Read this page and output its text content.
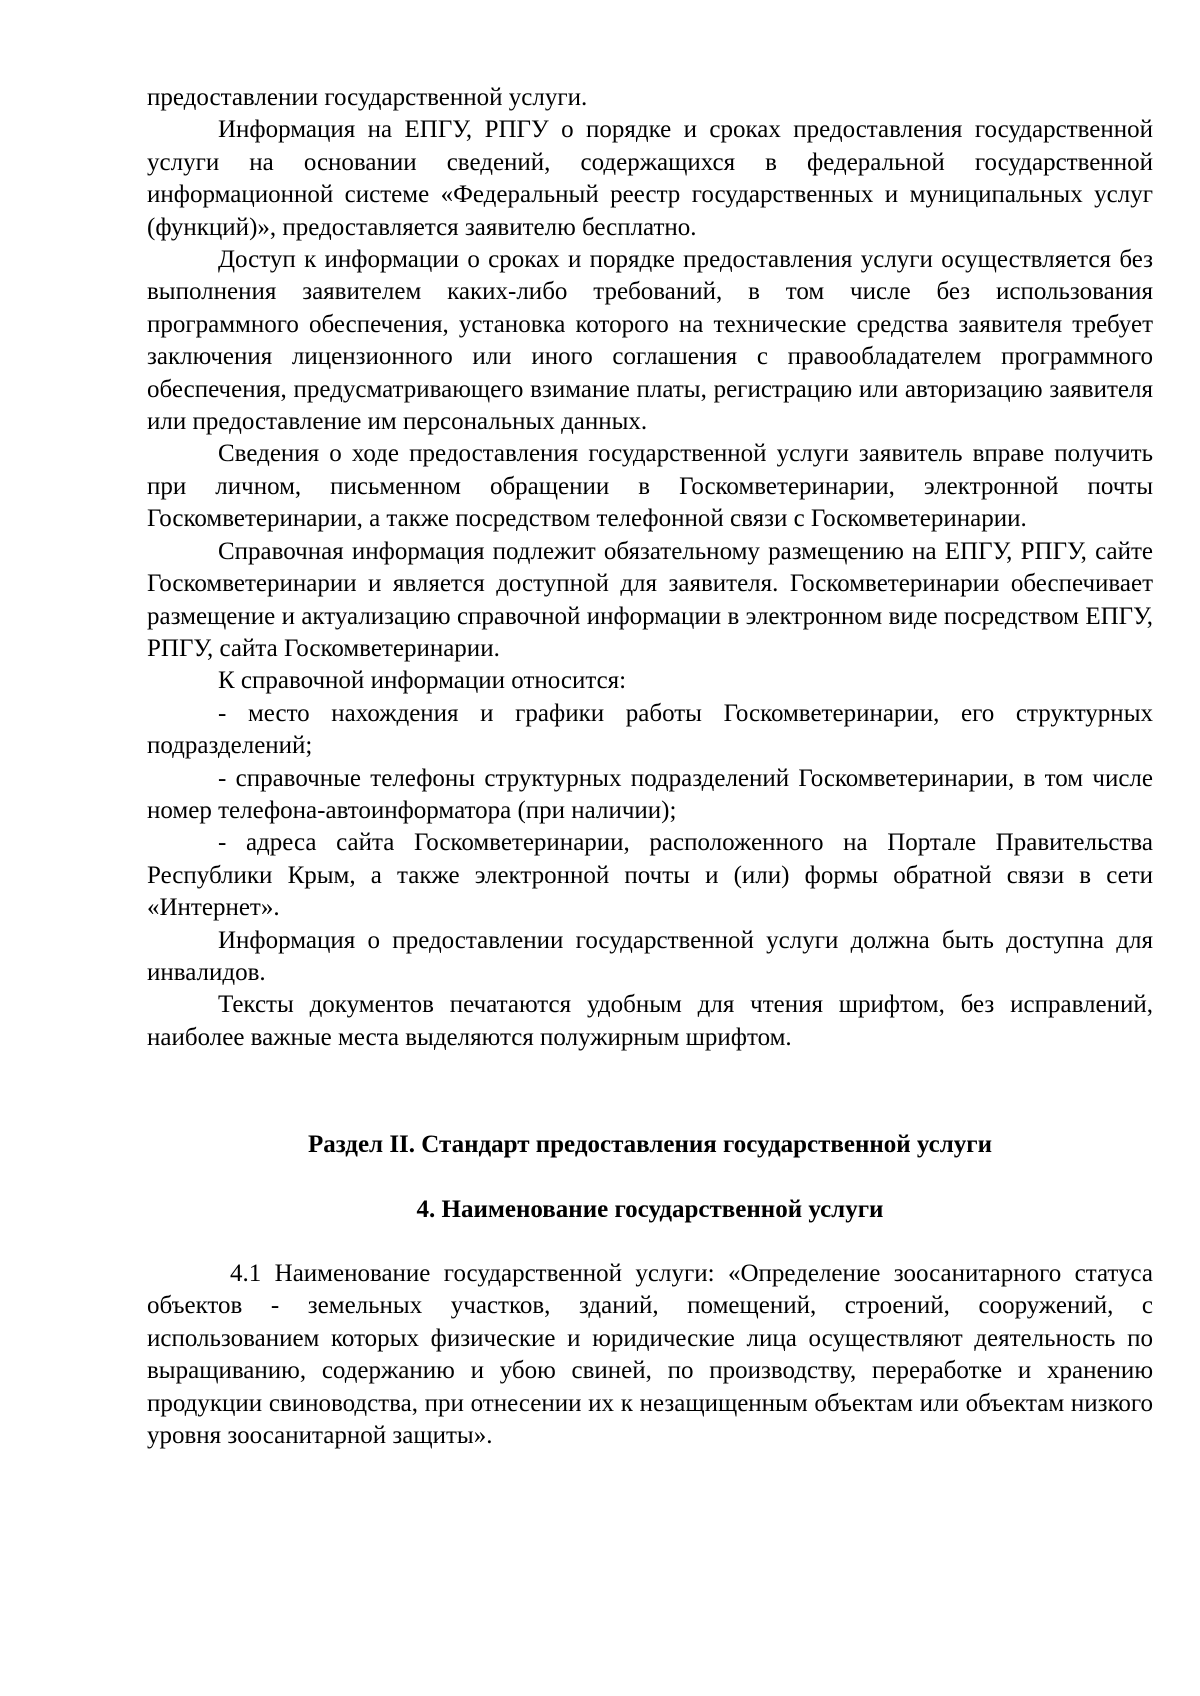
предоставлении государственной услуги.

Информация на ЕПГУ, РПГУ о порядке и сроках предоставления государственной услуги на основании сведений, содержащихся в федеральной государственной информационной системе «Федеральный реестр государственных и муниципальных услуг (функций)», предоставляется заявителю бесплатно.

Доступ к информации о сроках и порядке предоставления услуги осуществляется без выполнения заявителем каких-либо требований, в том числе без использования программного обеспечения, установка которого на технические средства заявителя требует заключения лицензионного или иного соглашения с правообладателем программного обеспечения, предусматривающего взимание платы, регистрацию или авторизацию заявителя или предоставление им персональных данных.

Сведения о ходе предоставления государственной услуги заявитель вправе получить при личном, письменном обращении в Госкомветеринарии, электронной почты Госкомветеринарии, а также посредством телефонной связи с Госкомветеринарии.

Справочная информация подлежит обязательному размещению на ЕПГУ, РПГУ, сайте Госкомветеринарии и является доступной для заявителя. Госкомветеринарии обеспечивает размещение и актуализацию справочной информации в электронном виде посредством ЕПГУ, РПГУ, сайта Госкомветеринарии.

К справочной информации относится:

- место нахождения и графики работы Госкомветеринарии, его структурных подразделений;

- справочные телефоны структурных подразделений Госкомветеринарии, в том числе номер телефона-автоинформатора (при наличии);

- адреса сайта Госкомветеринарии, расположенного на Портале Правительства Республики Крым, а также электронной почты и (или) формы обратной связи в сети «Интернет».

Информация о предоставлении государственной услуги должна быть доступна для инвалидов.

Тексты документов печатаются удобным для чтения шрифтом, без исправлений, наиболее важные места выделяются полужирным шрифтом.

Раздел II. Стандарт предоставления государственной услуги
4. Наименование государственной услуги

4.1 Наименование государственной услуги: «Определение зоосанитарного статуса объектов - земельных участков, зданий, помещений, строений, сооружений, с использованием которых физические и юридические лица осуществляют деятельность по выращиванию, содержанию и убою свиней, по производству, переработке и хранению продукции свиноводства, при отнесении их к незащищенным объектам или объектам низкого уровня зоосанитарной защиты».
